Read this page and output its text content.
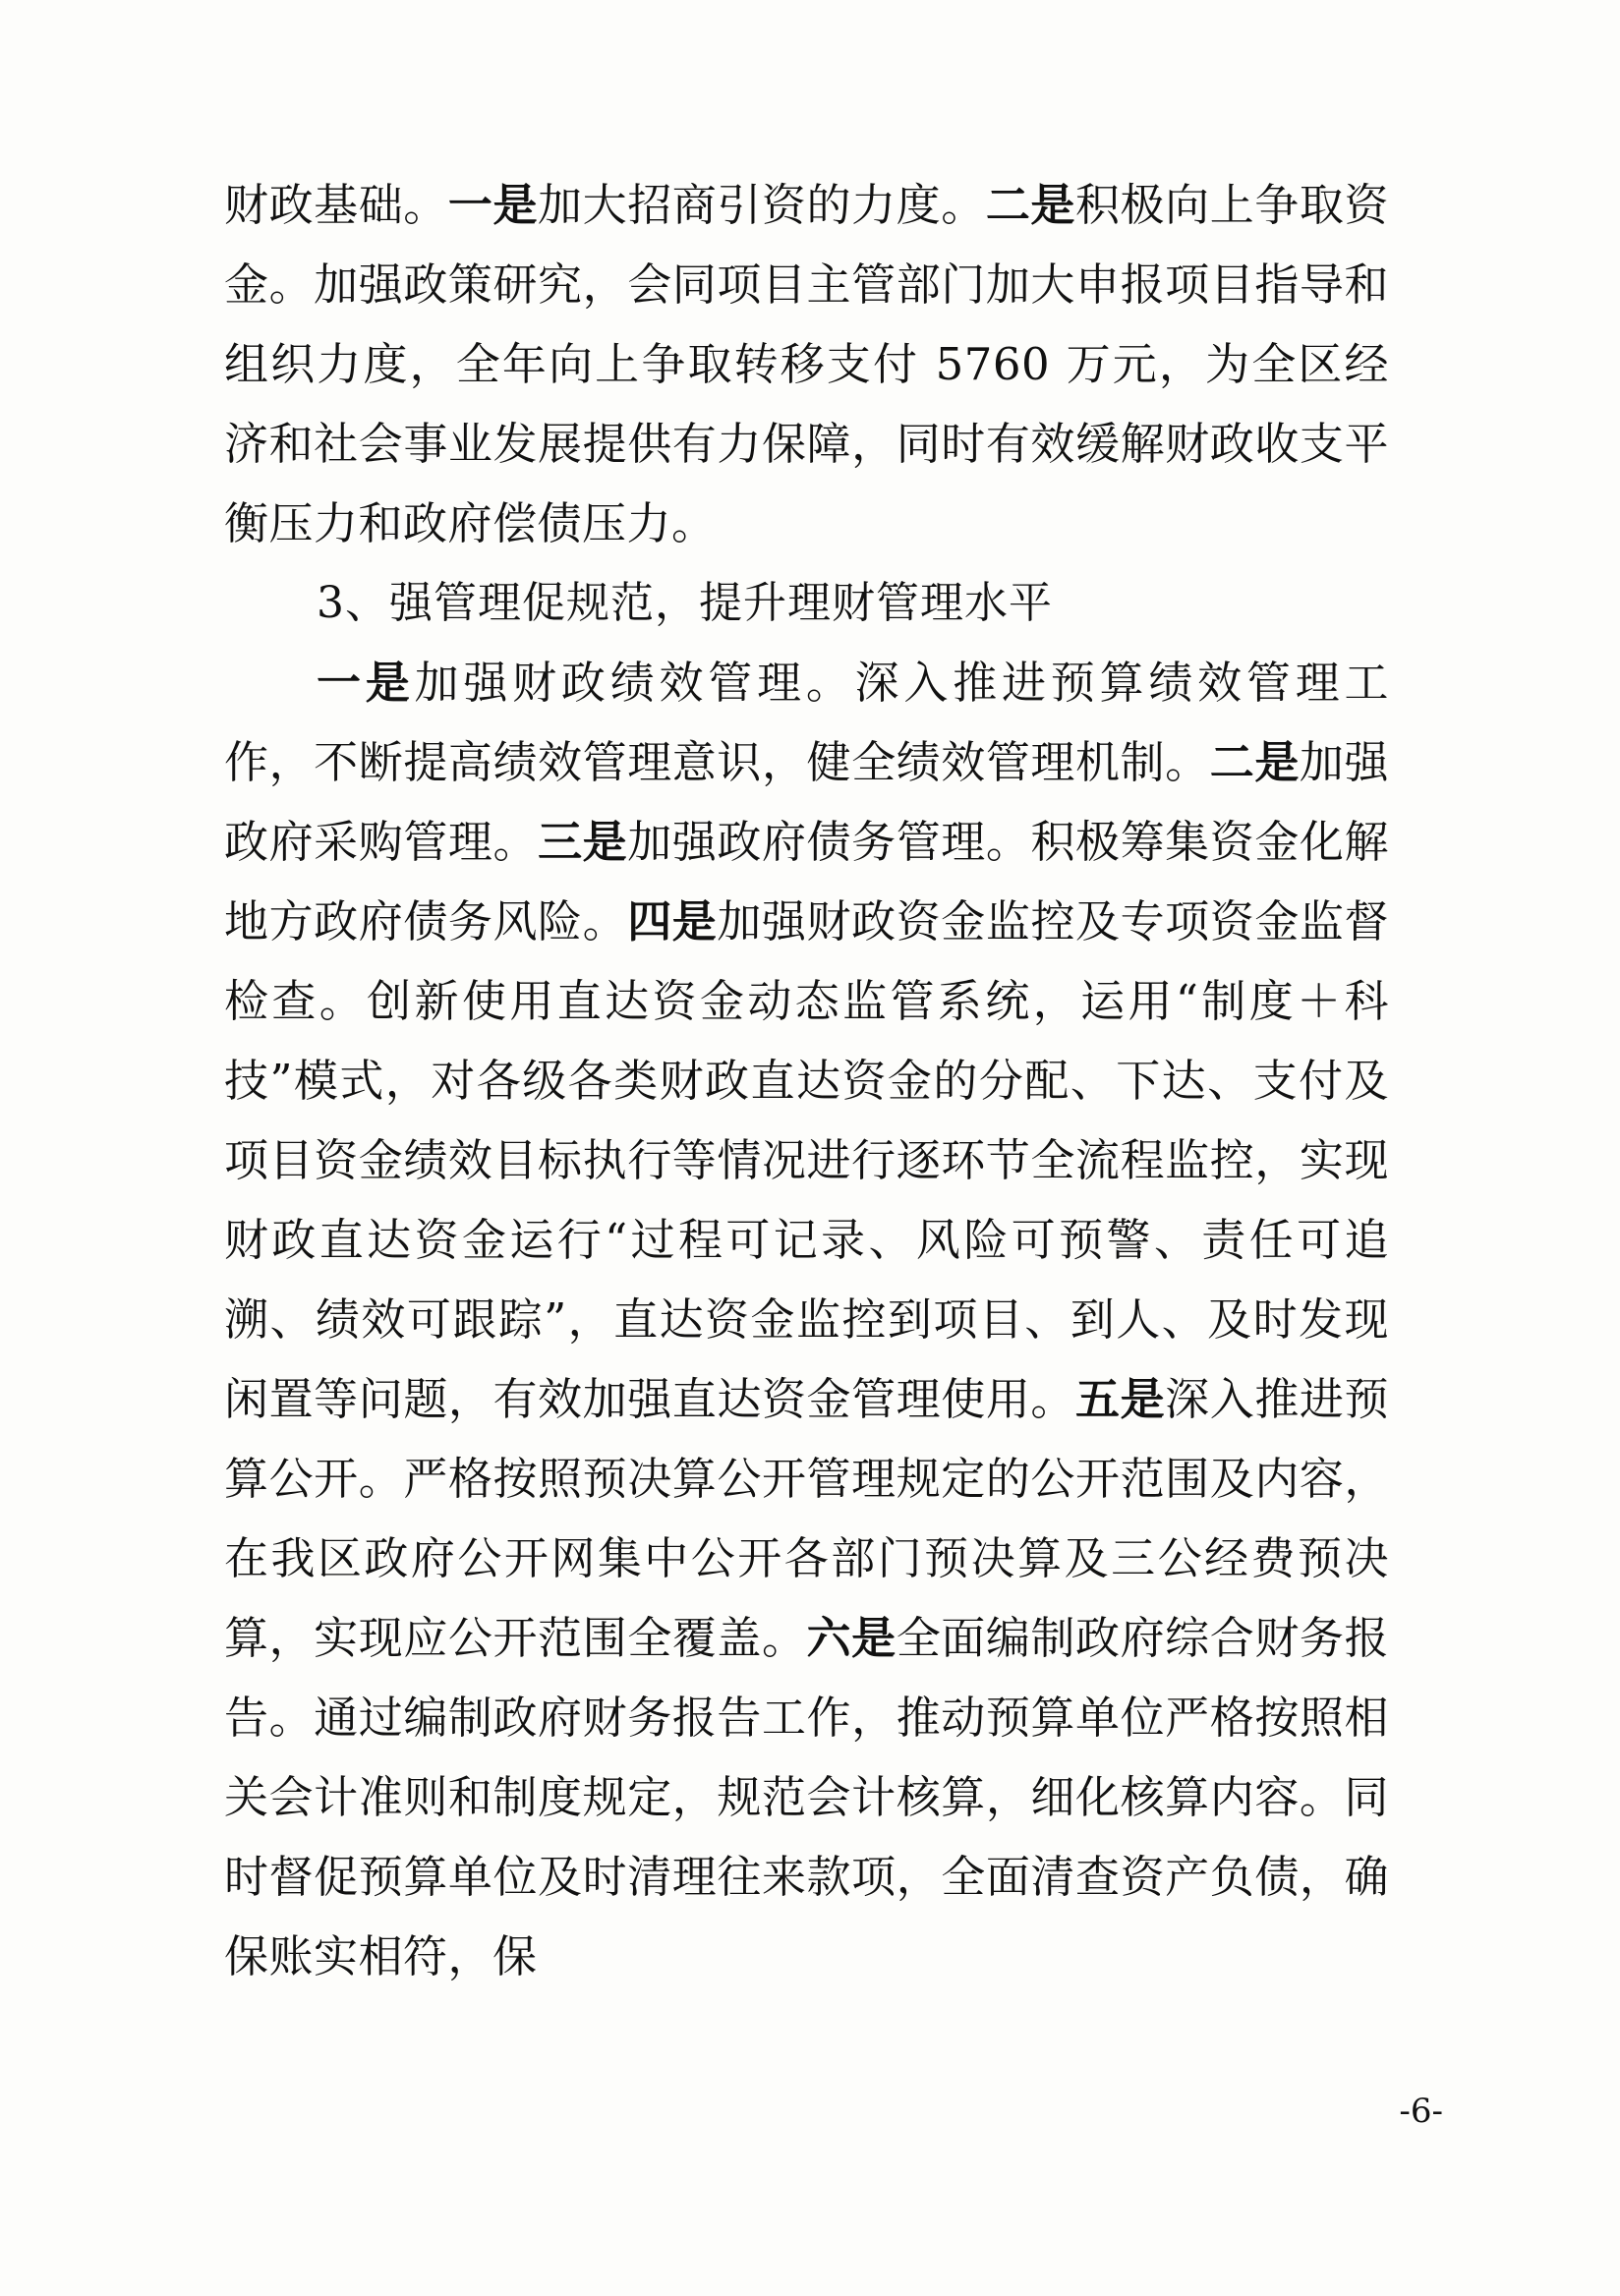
财政基础。一是加大招商引资的力度。二是积极向上争取资金。加强政策研究，会同项目主管部门加大申报项目指导和组织力度，全年向上争取转移支付 5760 万元，为全区经济和社会事业发展提供有力保障，同时有效缓解财政收支平衡压力和政府偿债压力。
3、强管理促规范，提升理财管理水平
一是加强财政绩效管理。深入推进预算绩效管理工作，不断提高绩效管理意识，健全绩效管理机制。二是加强政府采购管理。三是加强政府债务管理。积极筹集资金化解地方政府债务风险。四是加强财政资金监控及专项资金监督检查。创新使用直达资金动态监管系统，运用“制度＋科技”模式，对各级各类财政直达资金的分配、下达、支付及项目资金绩效目标执行等情况进行逐环节全流程监控，实现财政直达资金运行“过程可记录、风险可预警、责任可追溯、绩效可跟踪”，直达资金监控到项目、到人、及时发现闲置等问题，有效加强直达资金管理使用。五是深入推进预算公开。严格按照预决算公开管理规定的公开范围及内容，在我区政府公开网集中公开各部门预决算及三公经费预决算，实现应公开范围全覆盖。六是全面编制政府综合财务报告。通过编制政府财务报告工作，推动预算单位严格按照相关会计准则和制度规定，规范会计核算，细化核算内容。同时督促预算单位及时清理往来款项，全面清查资产负债，确保账实相符，保
-6-
